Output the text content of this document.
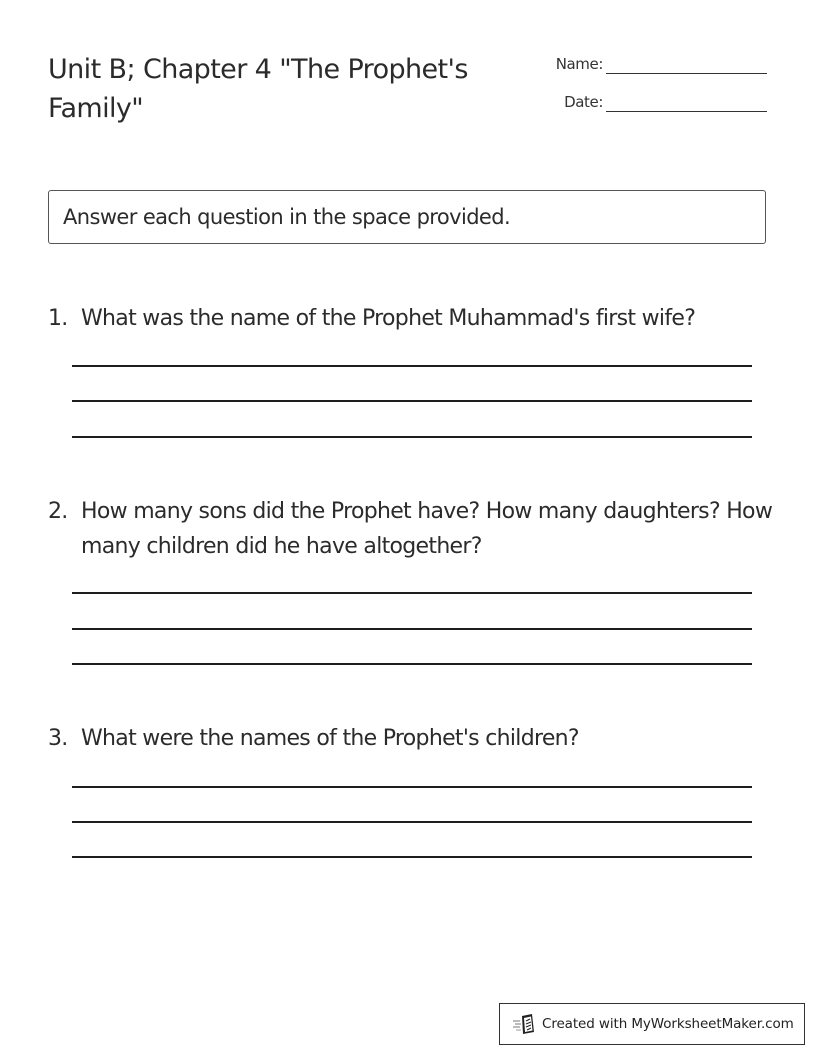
Unit B; Chapter 4 "The Prophet's Family"
Name:
Date:
Answer each question in the space provided.
1. What was the name of the Prophet Muhammad's first wife?
2. How many sons did the Prophet have? How many daughters? How many children did he have altogether?
3. What were the names of the Prophet's children?
Created with MyWorksheetMaker.com
